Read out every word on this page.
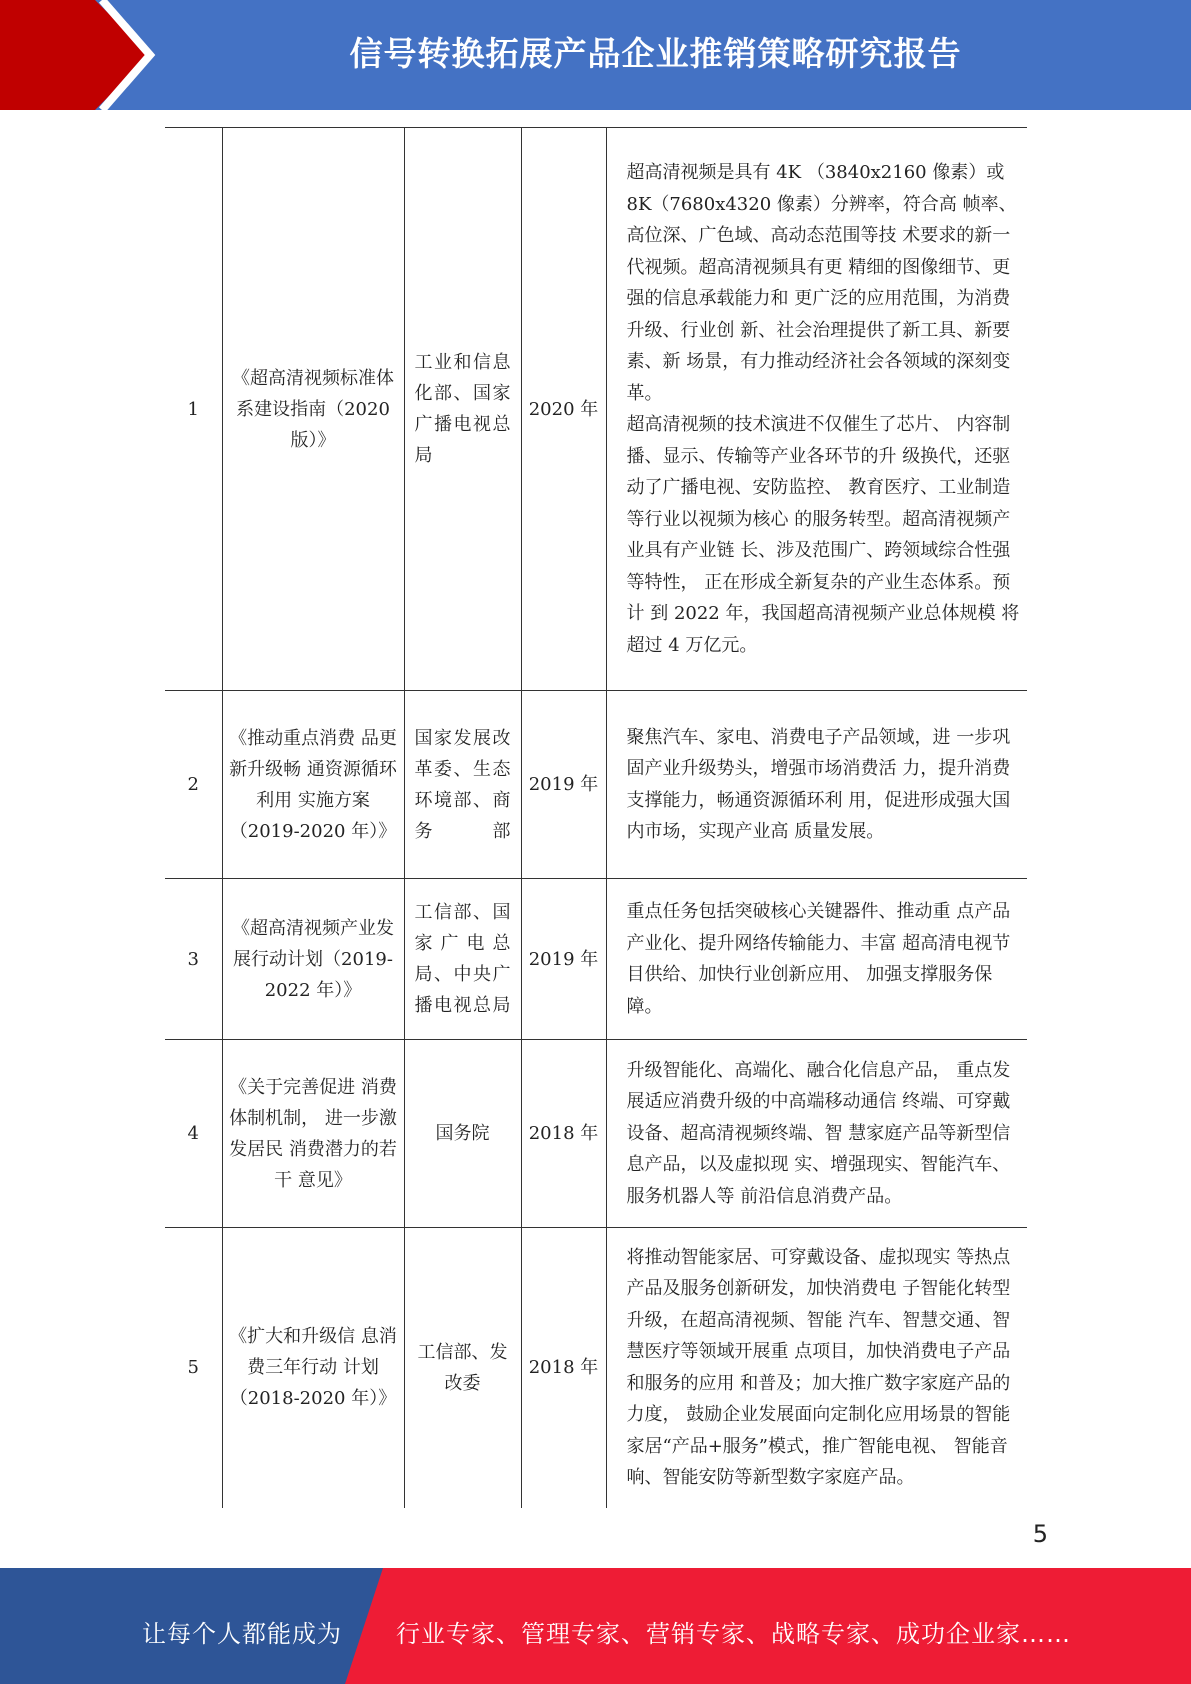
信号转换拓展产品企业推销策略研究报告
1	《超高清视频标准体系建设指南（2020 版）》	工业和信息化部、国家广播电视总局	2020 年	超高清视频是具有 4K （3840x2160 像素）或 8K（7680x4320 像素）分辨率，符合高 帧率、高位深、广色域、高动态范围等技 术要求的新一代视频。超高清视频具有更 精细的图像细节、更强的信息承载能力和 更广泛的应用范围，为消费升级、行业创 新、社会治理提供了新工具、新要素、新 场景，有力推动经济社会各领域的深刻变 革。

超高清视频的技术演进不仅催生了芯片、 内容制播、显示、传输等产业各环节的升 级换代，还驱动了广播电视、安防监控、 教育医疗、工业制造等行业以视频为核心 的服务转型。超高清视频产业具有产业链 长、涉及范围广、跨领域综合性强等特性， 正在形成全新复杂的产业生态体系。预计 到 2022 年，我国超高清视频产业总体规模 将超过 4 万亿元。

2	《推动重点消费 品更新升级畅 通资源循环利用 实施方案（2019-2020 年）》	国家发展改革委、生态环境部、商务部	2019 年	聚焦汽车、家电、消费电子产品领域，进 一步巩固产业升级势头，增强市场消费活 力，提升消费支撑能力，畅通资源循环利 用，促进形成强大国内市场，实现产业高 质量发展。

3	《超高清视频产业发展行动计划（2019-2022 年）》	工信部、国家广电总局、中央广播电视总局	2019 年	重点任务包括突破核心关键器件、推动重 点产品产业化、提升网络传输能力、丰富 超高清电视节目供给、加快行业创新应用、 加强支撑服务保障。

4	《关于完善促进 消费体制机制， 进一步激发居民 消费潜力的若干 意见》	国务院	2018 年	升级智能化、高端化、融合化信息产品， 重点发展适应消费升级的中高端移动通信 终端、可穿戴设备、超高清视频终端、智 慧家庭产品等新型信息产品，以及虚拟现 实、增强现实、智能汽车、服务机器人等 前沿信息消费产品。

5	《扩大和升级信 息消费三年行动 计划（2018-2020 年）》	工信部、发改委	2018 年	将推动智能家居、可穿戴设备、虚拟现实 等热点产品及服务创新研发，加快消费电 子智能化转型升级，在超高清视频、智能 汽车、智慧交通、智慧医疗等领域开展重 点项目，加快消费电子产品和服务的应用 和普及；加大推广数字家庭产品的力度， 鼓励企业发展面向定制化应用场景的智能 家居“产品+服务”模式，推广智能电视、 智能音响、智能安防等新型数字家庭产品。

5
让每个人都能成为 行业专家、管理专家、营销专家、战略专家、成功企业家……
